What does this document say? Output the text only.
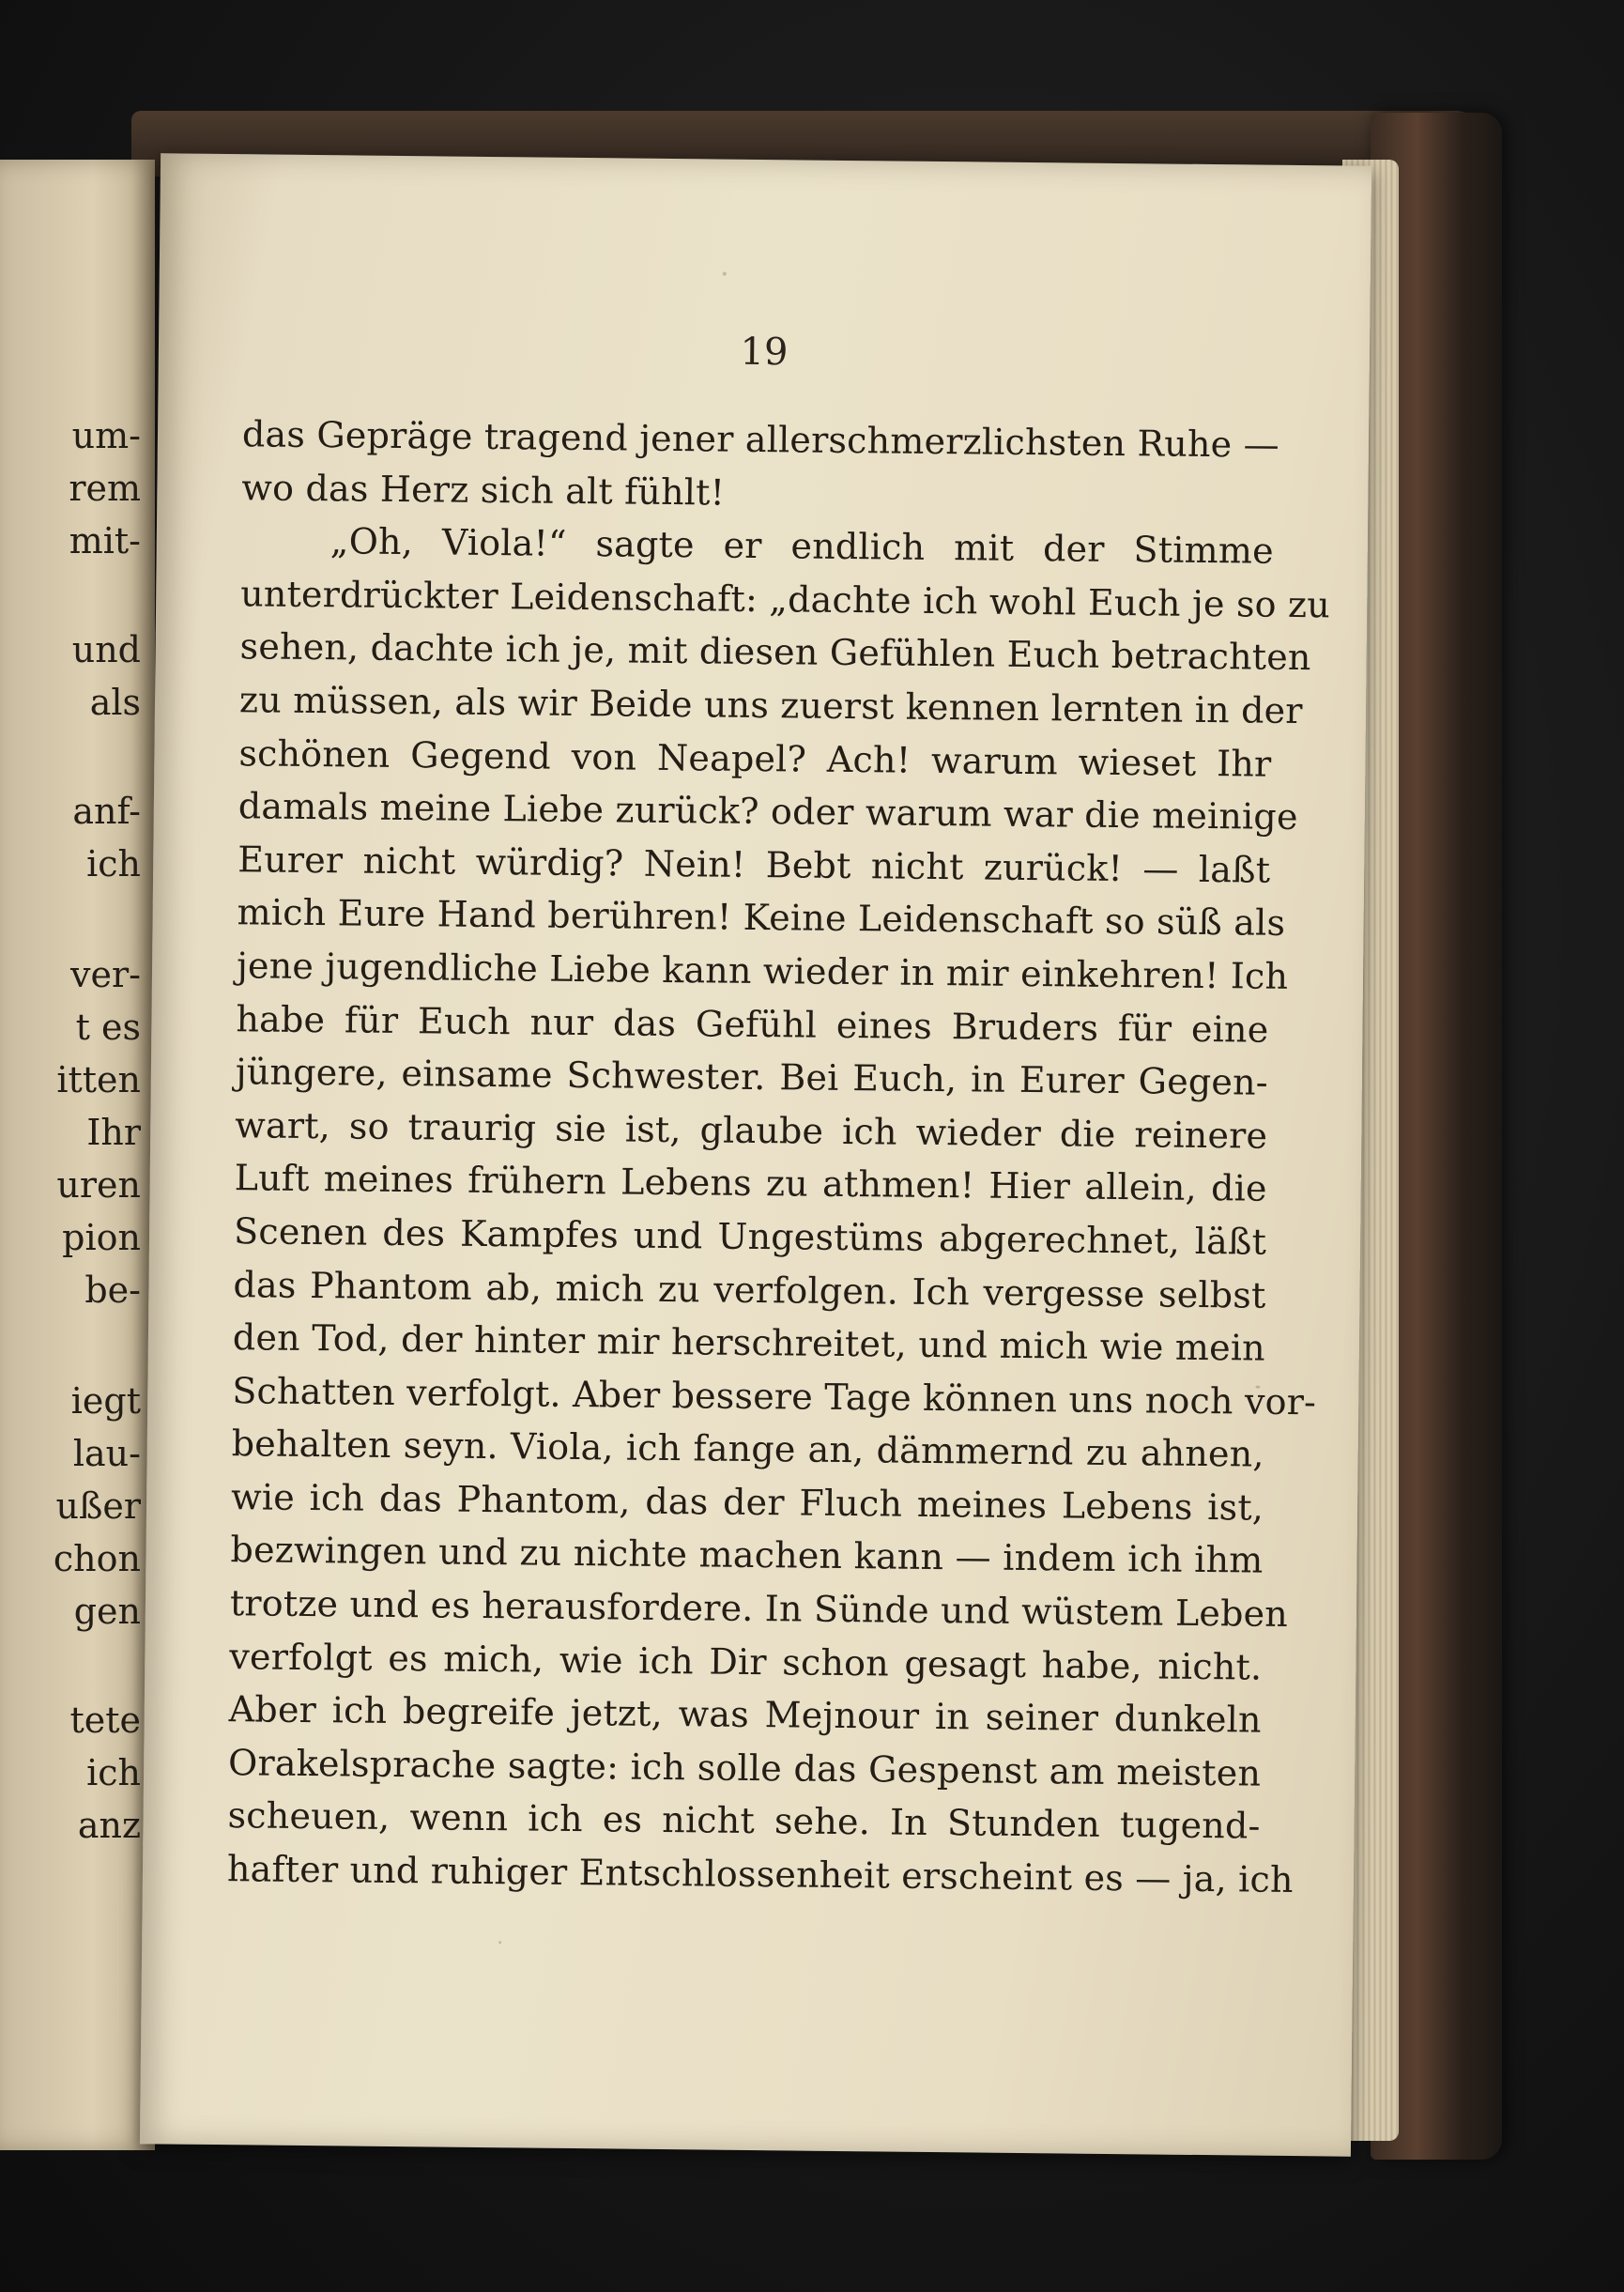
um-
rem
mit-
und
als
anf-
ich
ver-
t es
itten
Ihr
uren
pion
be-
iegt
lau-
ußer
chon
gen
tete
ich
anz
19
das Gepräge tragend jener allerschmerzlichsten Ruhe —
wo das Herz sich alt fühlt!
„Oh, Viola!“ sagte er endlich mit der Stimme
unterdrückter Leidenschaft: „dachte ich wohl Euch je so zu
sehen, dachte ich je, mit diesen Gefühlen Euch betrachten
zu müssen, als wir Beide uns zuerst kennen lernten in der
schönen Gegend von Neapel? Ach! warum wieset Ihr
damals meine Liebe zurück? oder warum war die meinige
Eurer nicht würdig? Nein! Bebt nicht zurück! — laßt
mich Eure Hand berühren! Keine Leidenschaft so süß als
jene jugendliche Liebe kann wieder in mir einkehren! Ich
habe für Euch nur das Gefühl eines Bruders für eine
jüngere, einsame Schwester. Bei Euch, in Eurer Gegen-
wart, so traurig sie ist, glaube ich wieder die reinere
Luft meines frühern Lebens zu athmen! Hier allein, die
Scenen des Kampfes und Ungestüms abgerechnet, läßt
das Phantom ab, mich zu verfolgen. Ich vergesse selbst
den Tod, der hinter mir herschreitet, und mich wie mein
Schatten verfolgt. Aber bessere Tage können uns noch vor-
behalten seyn. Viola, ich fange an, dämmernd zu ahnen,
wie ich das Phantom, das der Fluch meines Lebens ist,
bezwingen und zu nichte machen kann — indem ich ihm
trotze und es herausfordere. In Sünde und wüstem Leben
verfolgt es mich, wie ich Dir schon gesagt habe, nicht.
Aber ich begreife jetzt, was Mejnour in seiner dunkeln
Orakelsprache sagte: ich solle das Gespenst am meisten
scheuen, wenn ich es nicht sehe. In Stunden tugend-
hafter und ruhiger Entschlossenheit erscheint es — ja, ich
